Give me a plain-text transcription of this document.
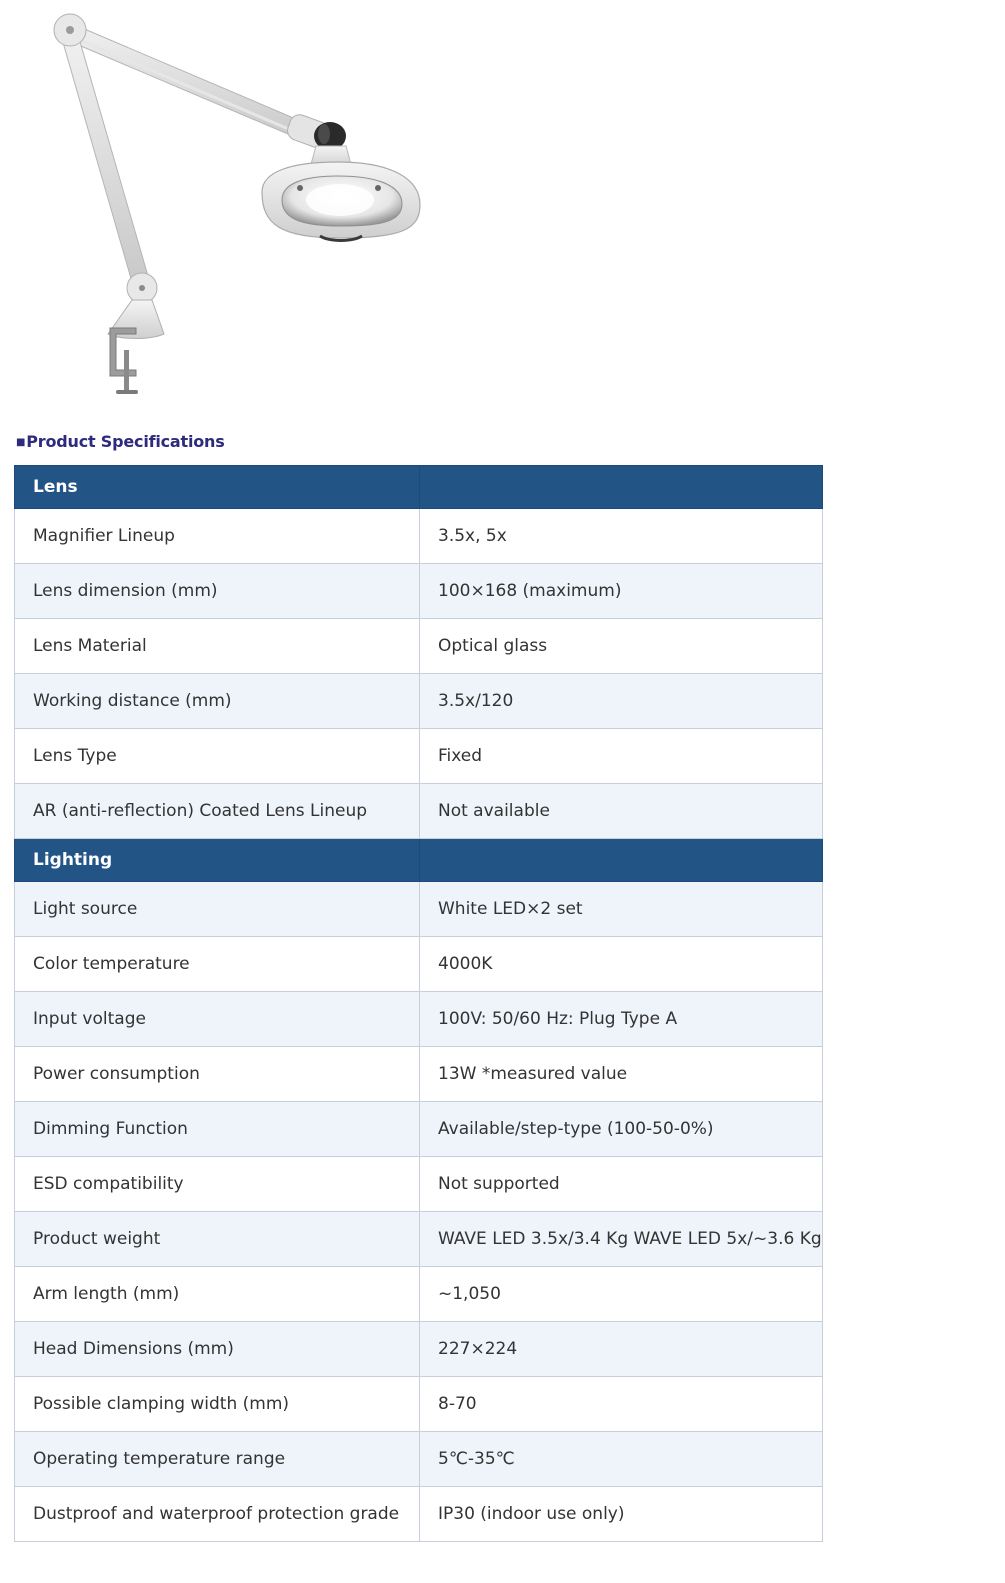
■Product Specifications
Lens	
Magnifier Lineup	3.5x, 5x
Lens dimension (mm)	100×168 (maximum)
Lens Material	Optical glass
Working distance (mm)	3.5x/120
Lens Type	Fixed
AR (anti-reflection) Coated Lens Lineup	Not available
Lighting	
Light source	White LED×2 set
Color temperature	4000K
Input voltage	100V: 50/60 Hz: Plug Type A
Power consumption	13W *measured value
Dimming Function	Available/step-type (100-50-0%)
ESD compatibility	Not supported
Product weight	WAVE LED 3.5x/3.4 Kg WAVE LED 5x/~3.6 Kg
Arm length (mm)	~1,050
Head Dimensions (mm)	227×224
Possible clamping width (mm)	8-70
Operating temperature range	5℃-35℃
Dustproof and waterproof protection grade	IP30 (indoor use only)
